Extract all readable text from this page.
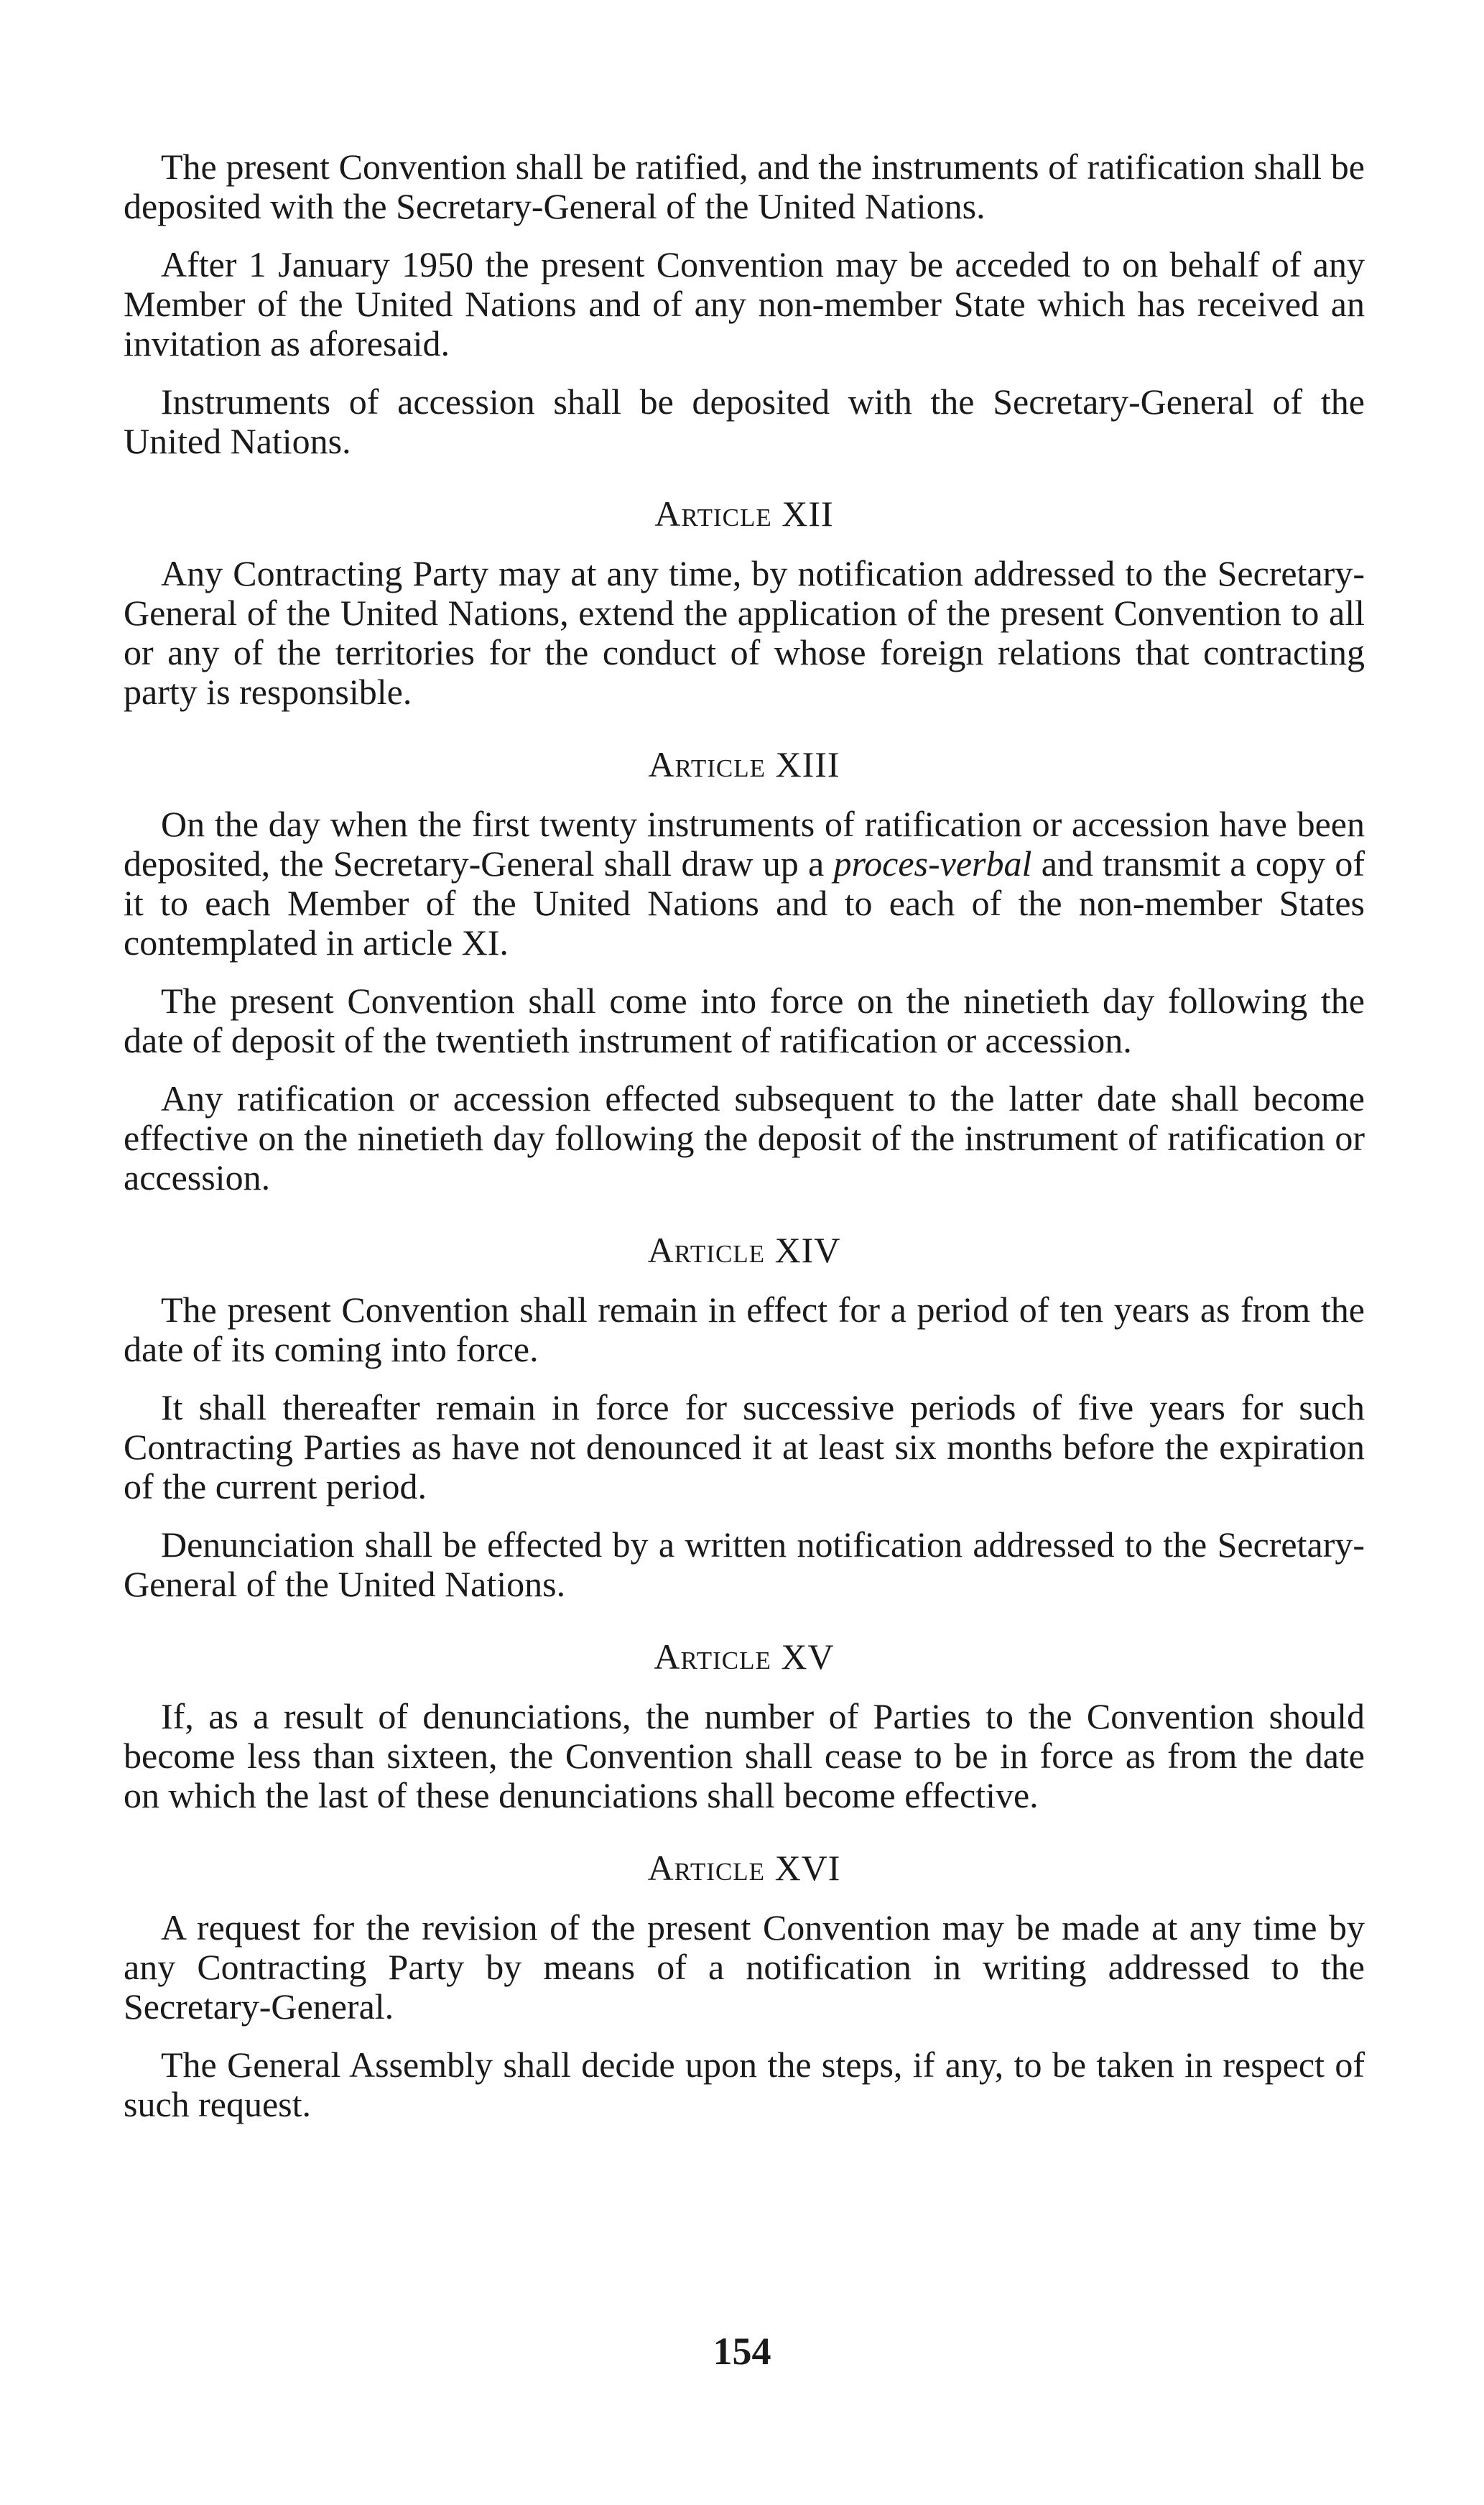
The present Convention shall be ratified, and the instruments of ratification shall be deposited with the Secretary-General of the United Nations.

After 1 January 1950 the present Convention may be acceded to on behalf of any Member of the United Nations and of any non-member State which has received an invitation as aforesaid.

Instruments of accession shall be deposited with the Secretary-General of the United Nations.

Article XII

Any Contracting Party may at any time, by notification addressed to the Secretary-General of the United Nations, extend the application of the present Convention to all or any of the territories for the conduct of whose foreign relations that contracting party is responsible.

Article XIII

On the day when the first twenty instruments of ratification or accession have been deposited, the Secretary-General shall draw up a proces-verbal and transmit a copy of it to each Member of the United Nations and to each of the non-member States contemplated in article XI.

The present Convention shall come into force on the ninetieth day following the date of deposit of the twentieth instrument of ratification or accession.

Any ratification or accession effected subsequent to the latter date shall become effective on the ninetieth day following the deposit of the instrument of ratification or accession.

Article XIV

The present Convention shall remain in effect for a period of ten years as from the date of its coming into force.

It shall thereafter remain in force for successive periods of five years for such Contracting Parties as have not denounced it at least six months before the expiration of the current period.

Denunciation shall be effected by a written notification addressed to the Secretary-General of the United Nations.

Article XV

If, as a result of denunciations, the number of Parties to the Convention should become less than sixteen, the Convention shall cease to be in force as from the date on which the last of these denunciations shall become effective.

Article XVI

A request for the revision of the present Convention may be made at any time by any Contracting Party by means of a notification in writing addressed to the Secretary-General.

The General Assembly shall decide upon the steps, if any, to be taken in respect of such request.

154
